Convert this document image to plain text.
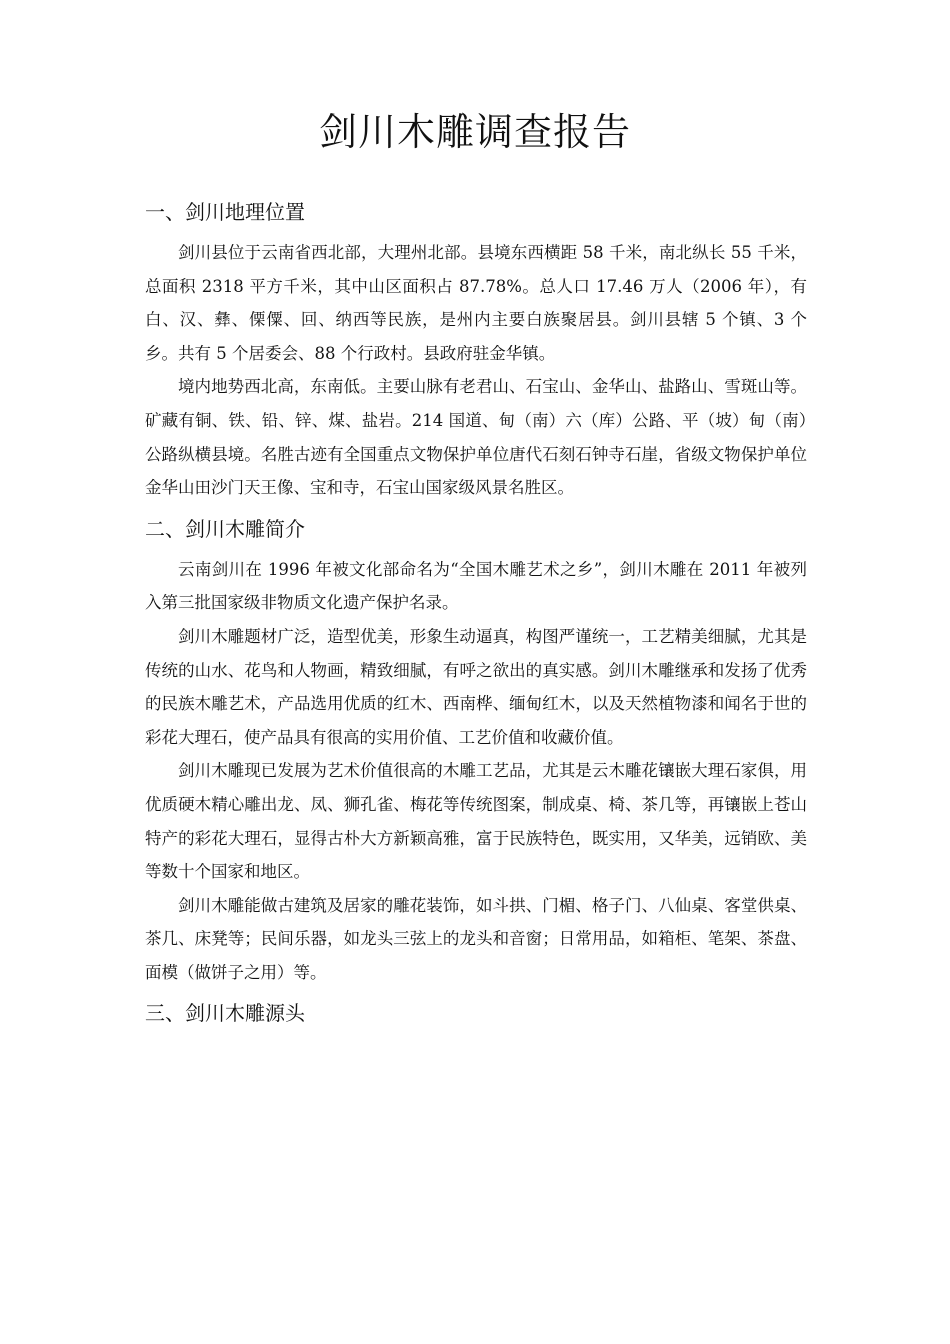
剑川木雕调查报告
一、剑川地理位置

剑川县位于云南省西北部，大理州北部。县境东西横距 58 千米，南北纵长 55 千米，总面积 2318 平方千米，其中山区面积占 87.78%。总人口 17.46 万人（2006 年），有白、汉、彝、傈僳、回、纳西等民族，是州内主要白族聚居县。剑川县辖 5 个镇、3 个乡。共有 5 个居委会、88 个行政村。县政府驻金华镇。

境内地势西北高，东南低。主要山脉有老君山、石宝山、金华山、盐路山、雪斑山等。矿藏有铜、铁、铅、锌、煤、盐岩。214 国道、甸（南）六（库）公路、平（坡）甸（南）公路纵横县境。名胜古迹有全国重点文物保护单位唐代石刻石钟寺石崖，省级文物保护单位金华山田沙门天王像、宝和寺，石宝山国家级风景名胜区。

二、剑川木雕简介

云南剑川在 1996 年被文化部命名为“全国木雕艺术之乡”，剑川木雕在 2011 年被列入第三批国家级非物质文化遗产保护名录。

剑川木雕题材广泛，造型优美，形象生动逼真，构图严谨统一，工艺精美细腻，尤其是传统的山水、花鸟和人物画，精致细腻，有呼之欲出的真实感。剑川木雕继承和发扬了优秀的民族木雕艺术，产品选用优质的红木、西南桦、缅甸红木，以及天然植物漆和闻名于世的彩花大理石，使产品具有很高的实用价值、工艺价值和收藏价值。

剑川木雕现已发展为艺术价值很高的木雕工艺品，尤其是云木雕花镶嵌大理石家俱，用优质硬木精心雕出龙、凤、狮孔雀、梅花等传统图案，制成桌、椅、茶几等，再镶嵌上苍山特产的彩花大理石，显得古朴大方新颖高雅，富于民族特色，既实用，又华美，远销欧、美等数十个国家和地区。

剑川木雕能做古建筑及居家的雕花装饰，如斗拱、门楣、格子门、八仙桌、客堂供桌、茶几、床凳等；民间乐器，如龙头三弦上的龙头和音窗；日常用品，如箱柜、笔架、茶盘、面模（做饼子之用）等。

三、剑川木雕源头
